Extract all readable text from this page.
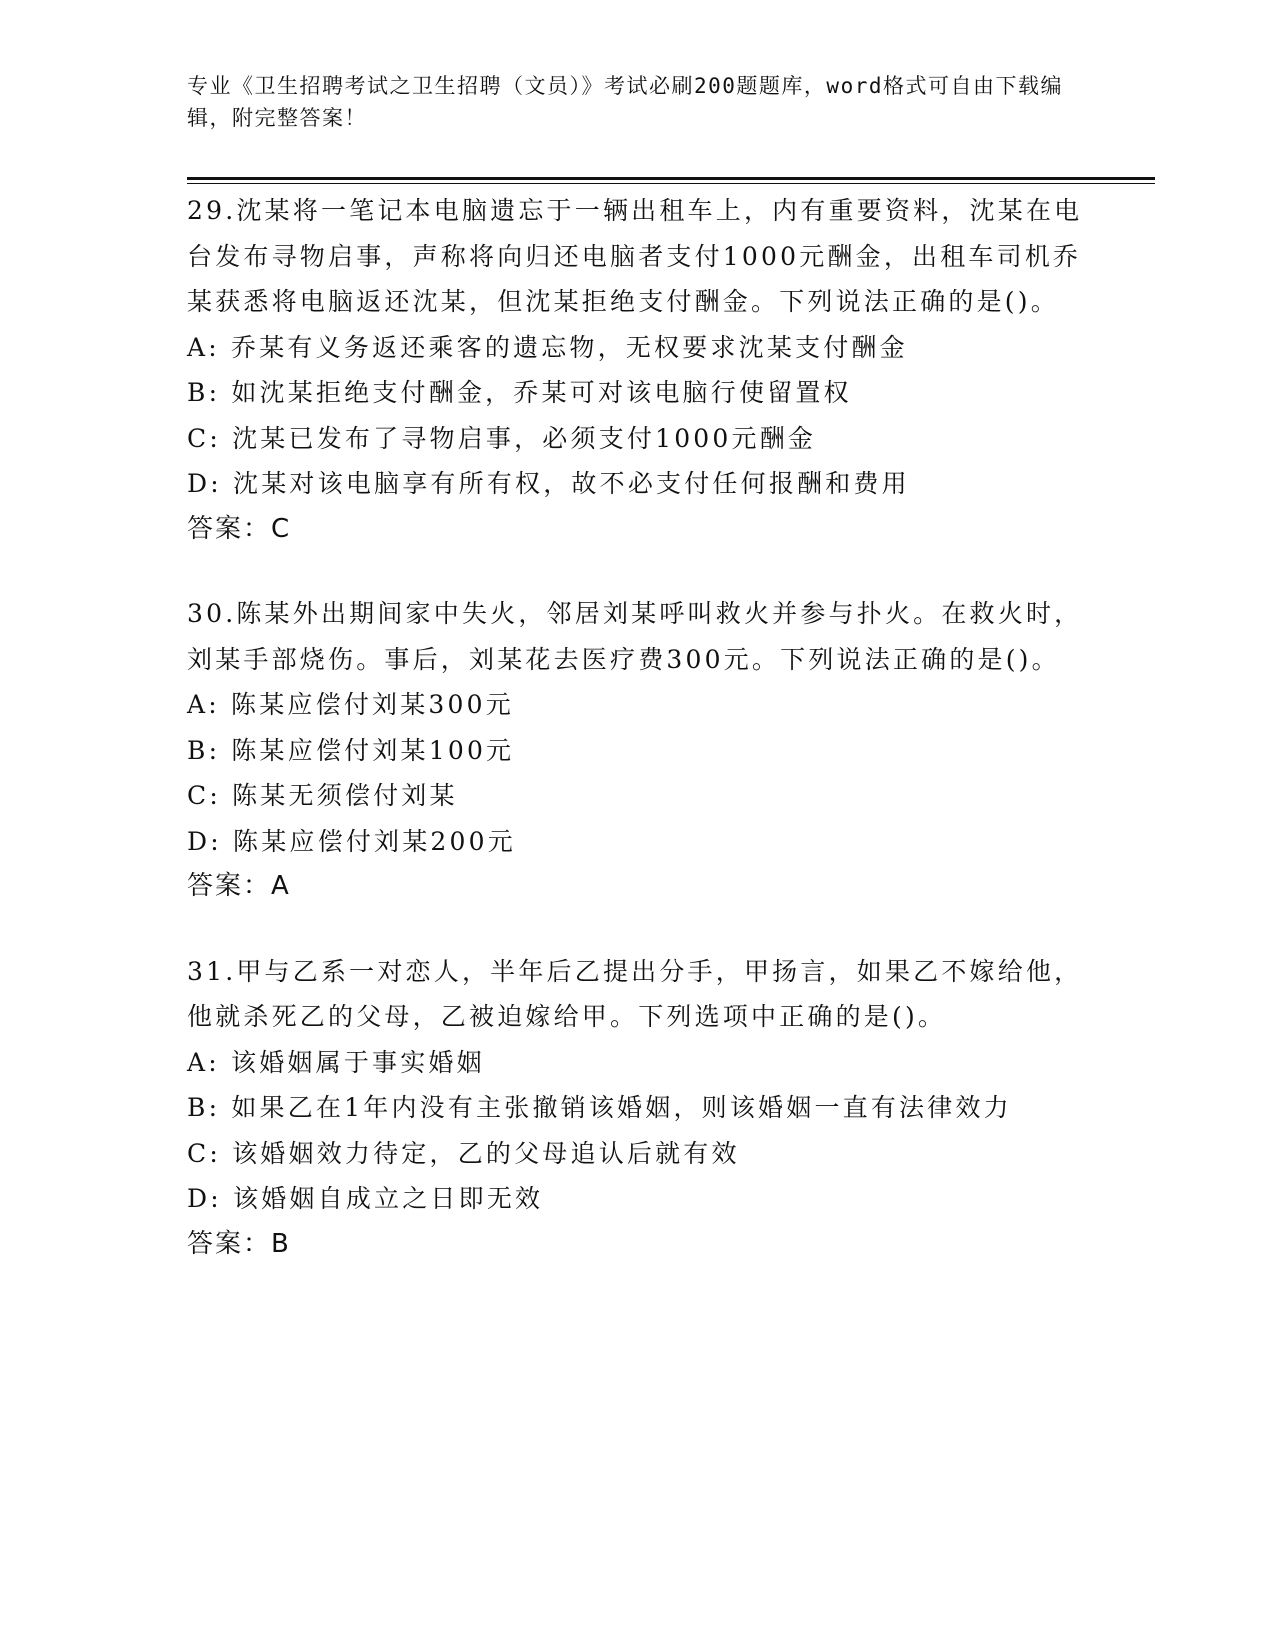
专业《卫生招聘考试之卫生招聘（文员）》考试必刷200题题库，word格式可自由下载编辑，附完整答案！

29.沈某将一笔记本电脑遗忘于一辆出租车上，内有重要资料，沈某在电台发布寻物启事，声称将向归还电脑者支付1000元酬金，出租车司机乔某获悉将电脑返还沈某，但沈某拒绝支付酬金。下列说法正确的是()。

A: 乔某有义务返还乘客的遗忘物，无权要求沈某支付酬金

B: 如沈某拒绝支付酬金，乔某可对该电脑行使留置权

C: 沈某已发布了寻物启事，必须支付1000元酬金

D: 沈某对该电脑享有所有权，故不必支付任何报酬和费用

答案：C

30.陈某外出期间家中失火，邻居刘某呼叫救火并参与扑火。在救火时，刘某手部烧伤。事后，刘某花去医疗费300元。下列说法正确的是()。

A: 陈某应偿付刘某300元

B: 陈某应偿付刘某100元

C: 陈某无须偿付刘某

D: 陈某应偿付刘某200元

答案：A

31.甲与乙系一对恋人，半年后乙提出分手，甲扬言，如果乙不嫁给他，他就杀死乙的父母，乙被迫嫁给甲。下列选项中正确的是()。

A: 该婚姻属于事实婚姻

B: 如果乙在1年内没有主张撤销该婚姻，则该婚姻一直有法律效力

C: 该婚姻效力待定，乙的父母追认后就有效

D: 该婚姻自成立之日即无效

答案：B
